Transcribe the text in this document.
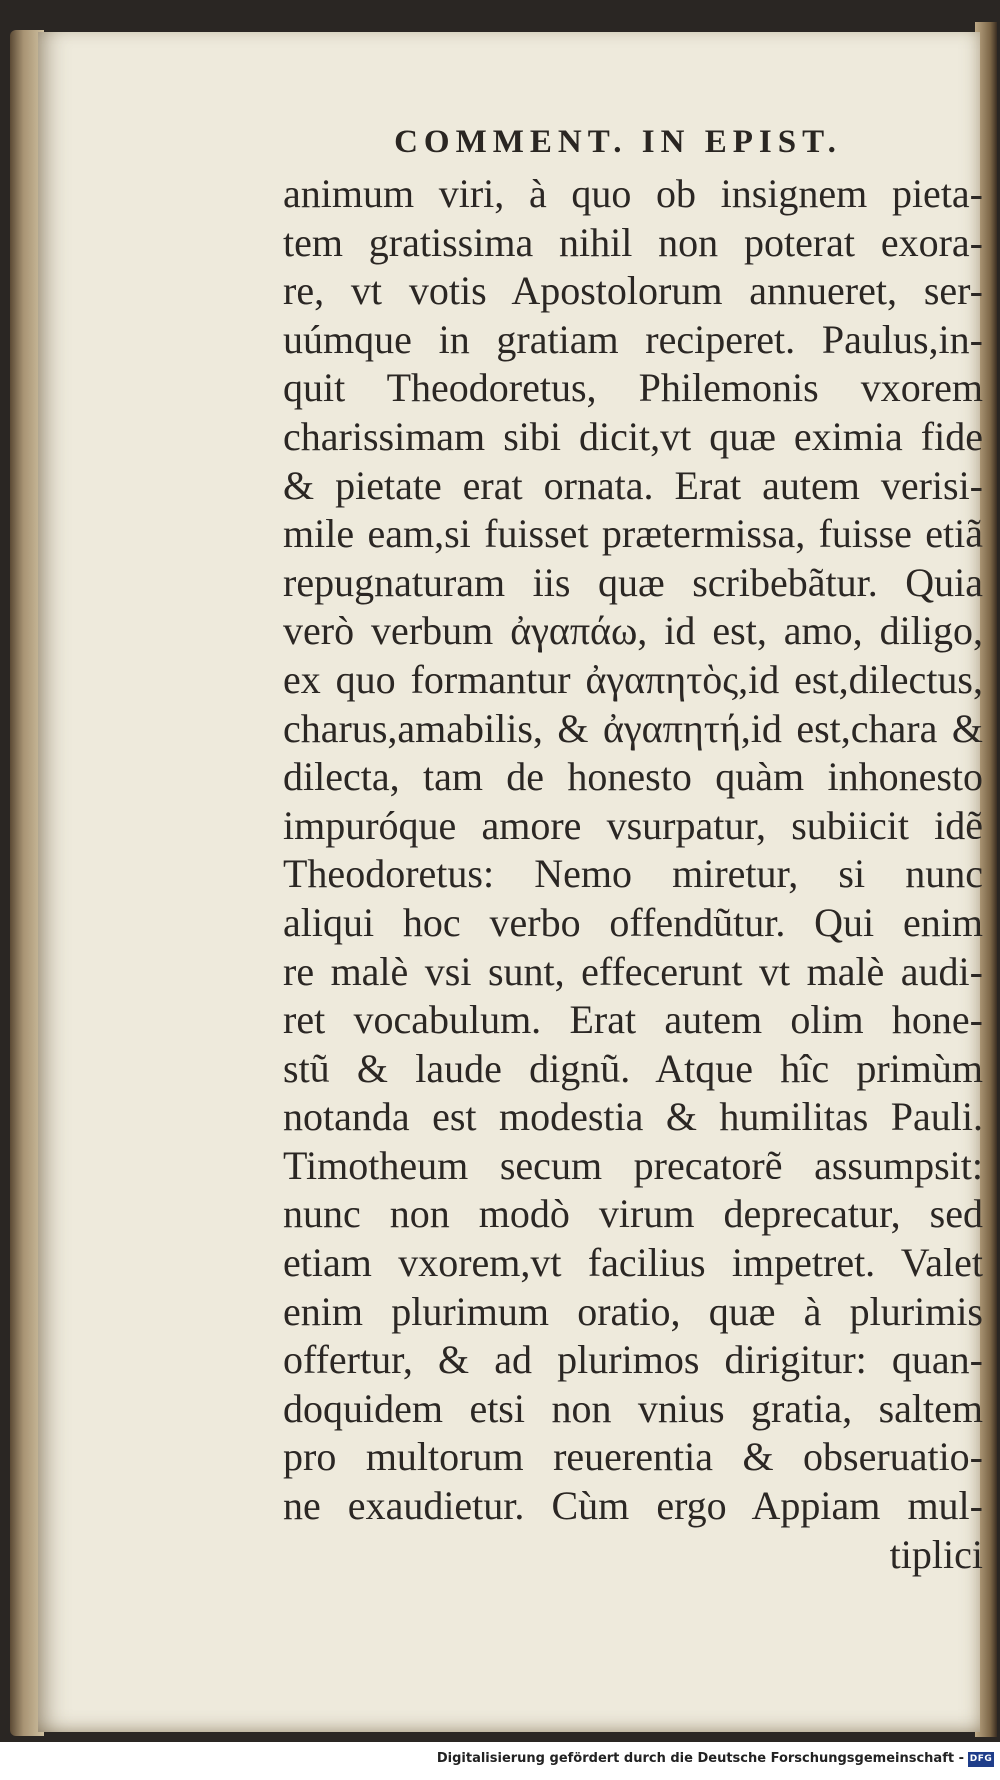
COMMENT. IN EPIST.
animum viri, à quo ob insignem pieta-
tem gratissima nihil non poterat exora-
re, vt votis Apostolorum annueret, ser-
uúmque in gratiam reciperet. Paulus,in-
quit Theodoretus, Philemonis vxorem
charissimam sibi dicit,vt quæ eximia fide
& pietate erat ornata. Erat autem verisi-
mile eam,si fuisset prætermissa, fuisse etiã
repugnaturam iis quæ scribebãtur. Quia
verò verbum ἀγαπάω, id est, amo, diligo,
ex quo formantur ἀγαπητὸς,id est,dilectus,
charus,amabilis, & ἀγαπητή,id est,chara &
dilecta, tam de honesto quàm inhonesto
impuróque amore vsurpatur, subiicit idẽ
Theodoretus: Nemo miretur, si nunc
aliqui hoc verbo offendũtur. Qui enim
re malè vsi sunt, effecerunt vt malè audi-
ret vocabulum. Erat autem olim hone-
stũ & laude dignũ. Atque hîc primùm
notanda est modestia & humilitas Pauli.
Timotheum secum precatorẽ assumpsit:
nunc non modò virum deprecatur, sed
etiam vxorem,vt facilius impetret. Valet
enim plurimum oratio, quæ à plurimis
offertur, & ad plurimos dirigitur: quan-
doquidem etsi non vnius gratia, saltem
pro multorum reuerentia & obseruatio-
ne exaudietur. Cùm ergo Appiam mul-
tiplici
Digitalisierung gefördert durch die Deutsche Forschungsgemeinschaft - DFG
